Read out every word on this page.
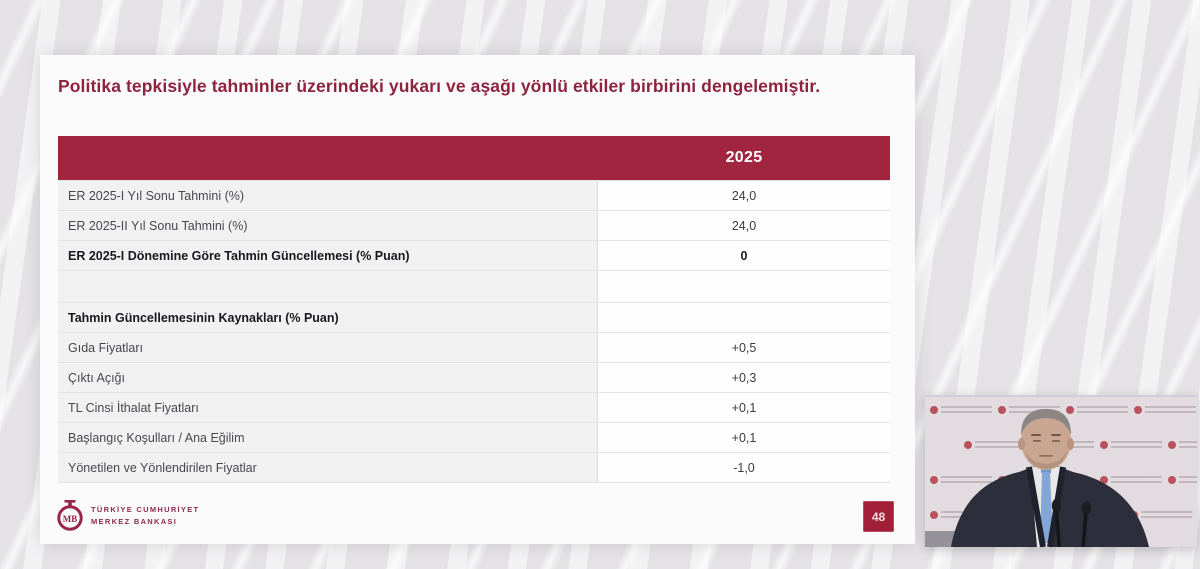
Politika tepkisiyle tahminler üzerindeki yukarı ve aşağı yönlü etkiler birbirini dengelemiştir.
2025
ER 2025-I Yıl Sonu Tahmini (%)	24,0
ER 2025-II Yıl Sonu Tahmini (%)	24,0
ER 2025-I Dönemine Göre Tahmin Güncellemesi (% Puan)	0
Tahmin Güncellemesinin Kaynakları (% Puan)
Gıda Fiyatları	+0,5
Çıktı Açığı	+0,3
TL Cinsi İthalat Fiyatları	+0,1
Başlangıç Koşulları / Ana Eğilim	+0,1
Yönetilen ve Yönlendirilen Fiyatlar	-1,0
MB
TÜRKİYE CUMHURİYET
MERKEZ BANKASI	48
